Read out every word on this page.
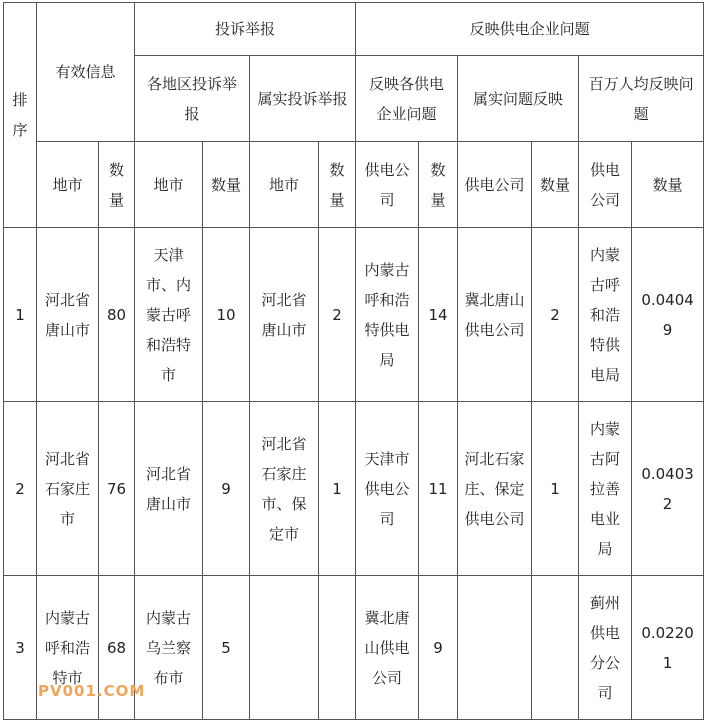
排序	有效信息		投诉举报				反映供电企业问题					
			各地区投诉举报		属实投诉举报		反映各供电企业问题		属实问题反映		百万人均反映问题	
	地市	数量	地市	数量	地市	数量	供电公司	数量	供电公司	数量	供电公司	数量
1	河北省唐山市	80	天津市、内蒙古呼和浩特市	10	河北省唐山市	2	内蒙古呼和浩特供电局	14	冀北唐山供电公司	2	内蒙古呼和浩特供电局	0.04049
2	河北省石家庄市	76	河北省唐山市	9	河北省石家庄市、保定市	1	天津市供电公司	11	河北石家庄、保定供电公司	1	内蒙古阿拉善电业局	0.04032
3	内蒙古呼和浩特市	68	内蒙古乌兰察布市	5			冀北唐山供电公司	9			蓟州供电分公司	0.02201
PV001.COM
